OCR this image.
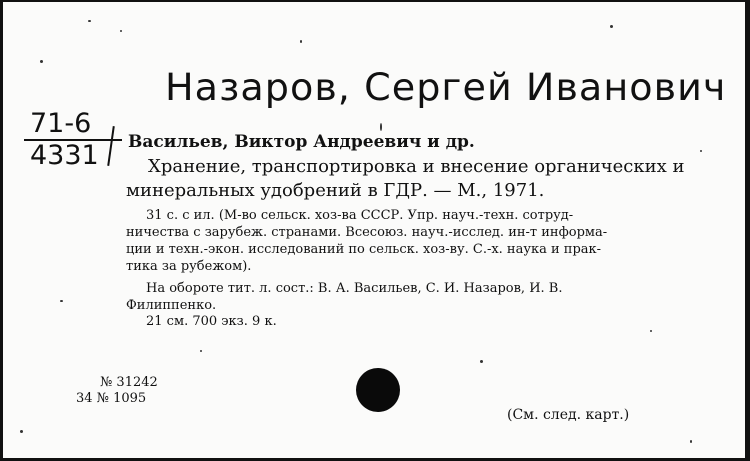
Назаров, Сергей Иванович
71-6
4331 Васильев, Виктор Андреевич и др.
Хранение, транспортировка и внесение органических и
минеральных удобрений в ГДР. — М., 1971.
31 с. с ил. (М-во сельск. хоз-ва СССР. Упр. науч.-техн. сотруд-
ничества с зарубеж. странами. Всесоюз. науч.-исслед. ин-т информа-
ции и техн.-экон. исследований по сельск. хоз-ву. С.-х. наука и прак-
тика за рубежом).
На обороте тит. л. сост.: В. А. Васильев, С. И. Назаров, И. В.
Филиппенко.
21 см. 700 экз. 9 к.
№ 31242
34 № 1095
(См. след. карт.)
